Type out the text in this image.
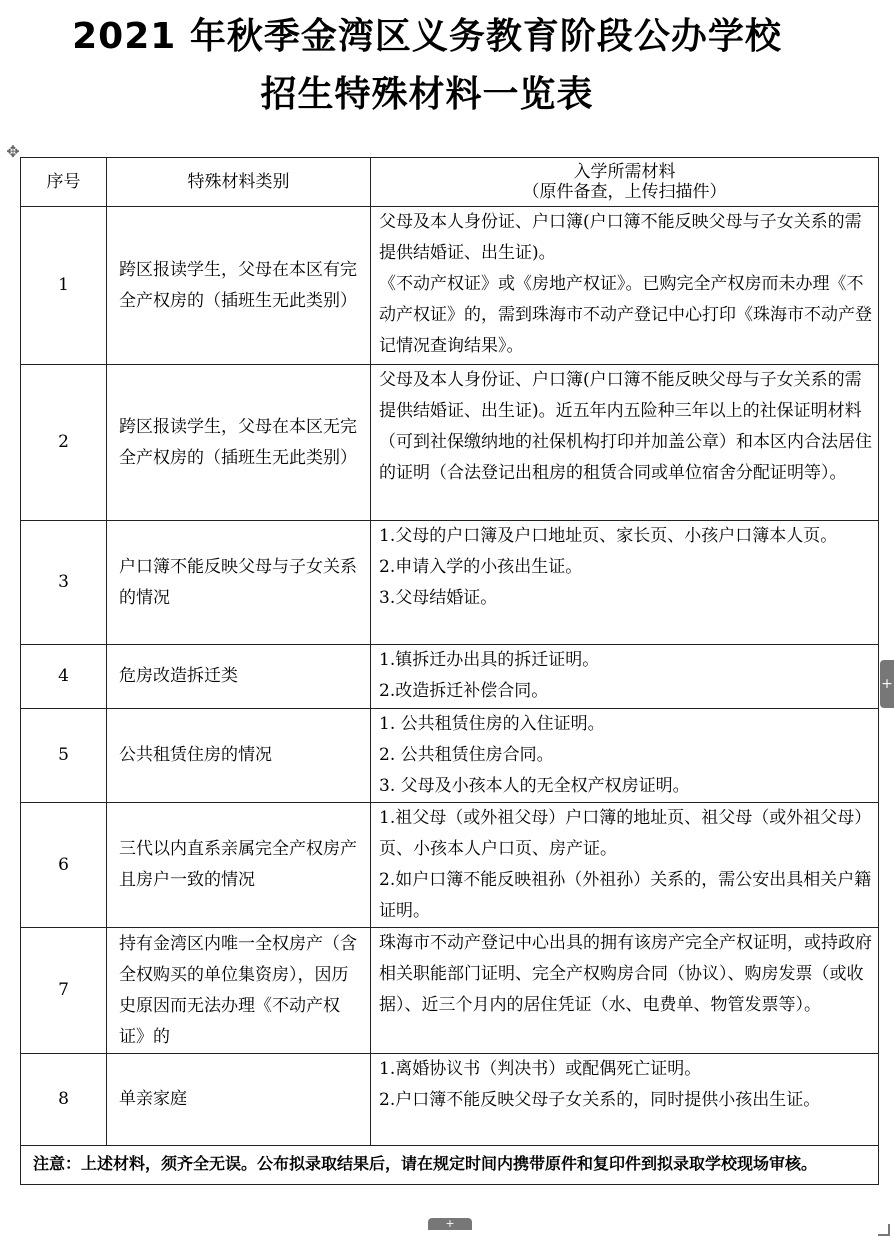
2021 年秋季金湾区义务教育阶段公办学校
招生特殊材料一览表
✥
序号	特殊材料类别	入学所需材料
（原件备查，上传扫描件）

1	跨区报读学生，父母在本区有完全产权房的（插班生无此类别）	父母及本人身份证、户口簿(户口簿不能反映父母与子女关系的需提供结婚证、出生证)。
《不动产权证》或《房地产权证》。已购完全产权房而未办理《不动产权证》的，需到珠海市不动产登记中心打印《珠海市不动产登记情况查询结果》。

2	跨区报读学生，父母在本区无完全产权房的（插班生无此类别）	父母及本人身份证、户口簿(户口簿不能反映父母与子女关系的需提供结婚证、出生证)。近五年内五险种三年以上的社保证明材料（可到社保缴纳地的社保机构打印并加盖公章）和本区内合法居住的证明（合法登记出租房的租赁合同或单位宿舍分配证明等）。

3	户口簿不能反映父母与子女关系的情况	1.父母的户口簿及户口地址页、家长页、小孩户口簿本人页。
2.申请入学的小孩出生证。
3.父母结婚证。

4	危房改造拆迁类	1.镇拆迁办出具的拆迁证明。
2.改造拆迁补偿合同。

5	公共租赁住房的情况	1. 公共租赁住房的入住证明。
2. 公共租赁住房合同。
3. 父母及小孩本人的无全权产权房证明。

6	三代以内直系亲属完全产权房产且房户一致的情况	1.祖父母（或外祖父母）户口簿的地址页、祖父母（或外祖父母）页、小孩本人户口页、房产证。
2.如户口簿不能反映祖孙（外祖孙）关系的，需公安出具相关户籍证明。

7	持有金湾区内唯一全权房产（含全权购买的单位集资房），因历史原因而无法办理《不动产权证》的	珠海市不动产登记中心出具的拥有该房产完全产权证明，或持政府相关职能部门证明、完全产权购房合同（协议）、购房发票（或收据）、近三个月内的居住凭证（水、电费单、物管发票等）。

8	单亲家庭	1.离婚协议书（判决书）或配偶死亡证明。
2.户口簿不能反映父母子女关系的，同时提供小孩出生证。

注意：上述材料，须齐全无误。公布拟录取结果后，请在规定时间内携带原件和复印件到拟录取学校现场审核。		
+
+
